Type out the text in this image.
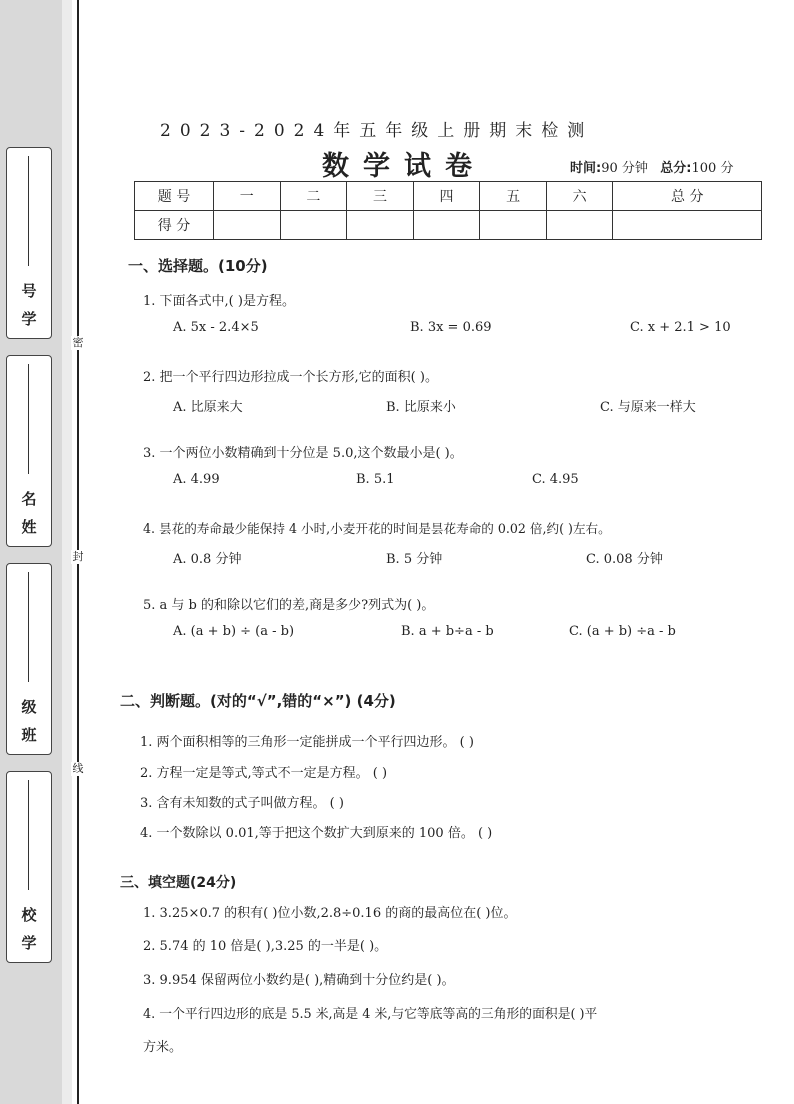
密
封
线
号
学
名
姓
级
班
校
学
2023-2024年五年级上册期末检测
数学试卷	时间:90 分钟 总分:100 分
题 号	一	二	三	四	五	六	总 分
得 分							
一、选择题。(10分)
1. 下面各式中,( )是方程。
A. 5x - 2.4×5	B. 3x = 0.69	C. x + 2.1 > 10
2. 把一个平行四边形拉成一个长方形,它的面积( )。
A. 比原来大	B. 比原来小	C. 与原来一样大
3. 一个两位小数精确到十分位是 5.0,这个数最小是( )。
A. 4.99	B. 5.1	C. 4.95
4. 昙花的寿命最少能保持 4 小时,小麦开花的时间是昙花寿命的 0.02 倍,约( )左右。
A. 0.8 分钟	B. 5 分钟	C. 0.08 分钟
5. a 与 b 的和除以它们的差,商是多少?列式为( )。
A. (a + b) ÷ (a - b)	B. a + b÷a - b	C. (a + b) ÷a - b
二、判断题。(对的“√”,错的“×”) (4分)
1. 两个面积相等的三角形一定能拼成一个平行四边形。 ( )
2. 方程一定是等式,等式不一定是方程。 ( )
3. 含有未知数的式子叫做方程。 ( )
4. 一个数除以 0.01,等于把这个数扩大到原来的 100 倍。 ( )
三、填空题(24分)
1. 3.25×0.7 的积有( )位小数,2.8÷0.16 的商的最高位在( )位。
2. 5.74 的 10 倍是( ),3.25 的一半是( )。
3. 9.954 保留两位小数约是( ),精确到十分位约是( )。
4. 一个平行四边形的底是 5.5 米,高是 4 米,与它等底等高的三角形的面积是( )平
方米。
